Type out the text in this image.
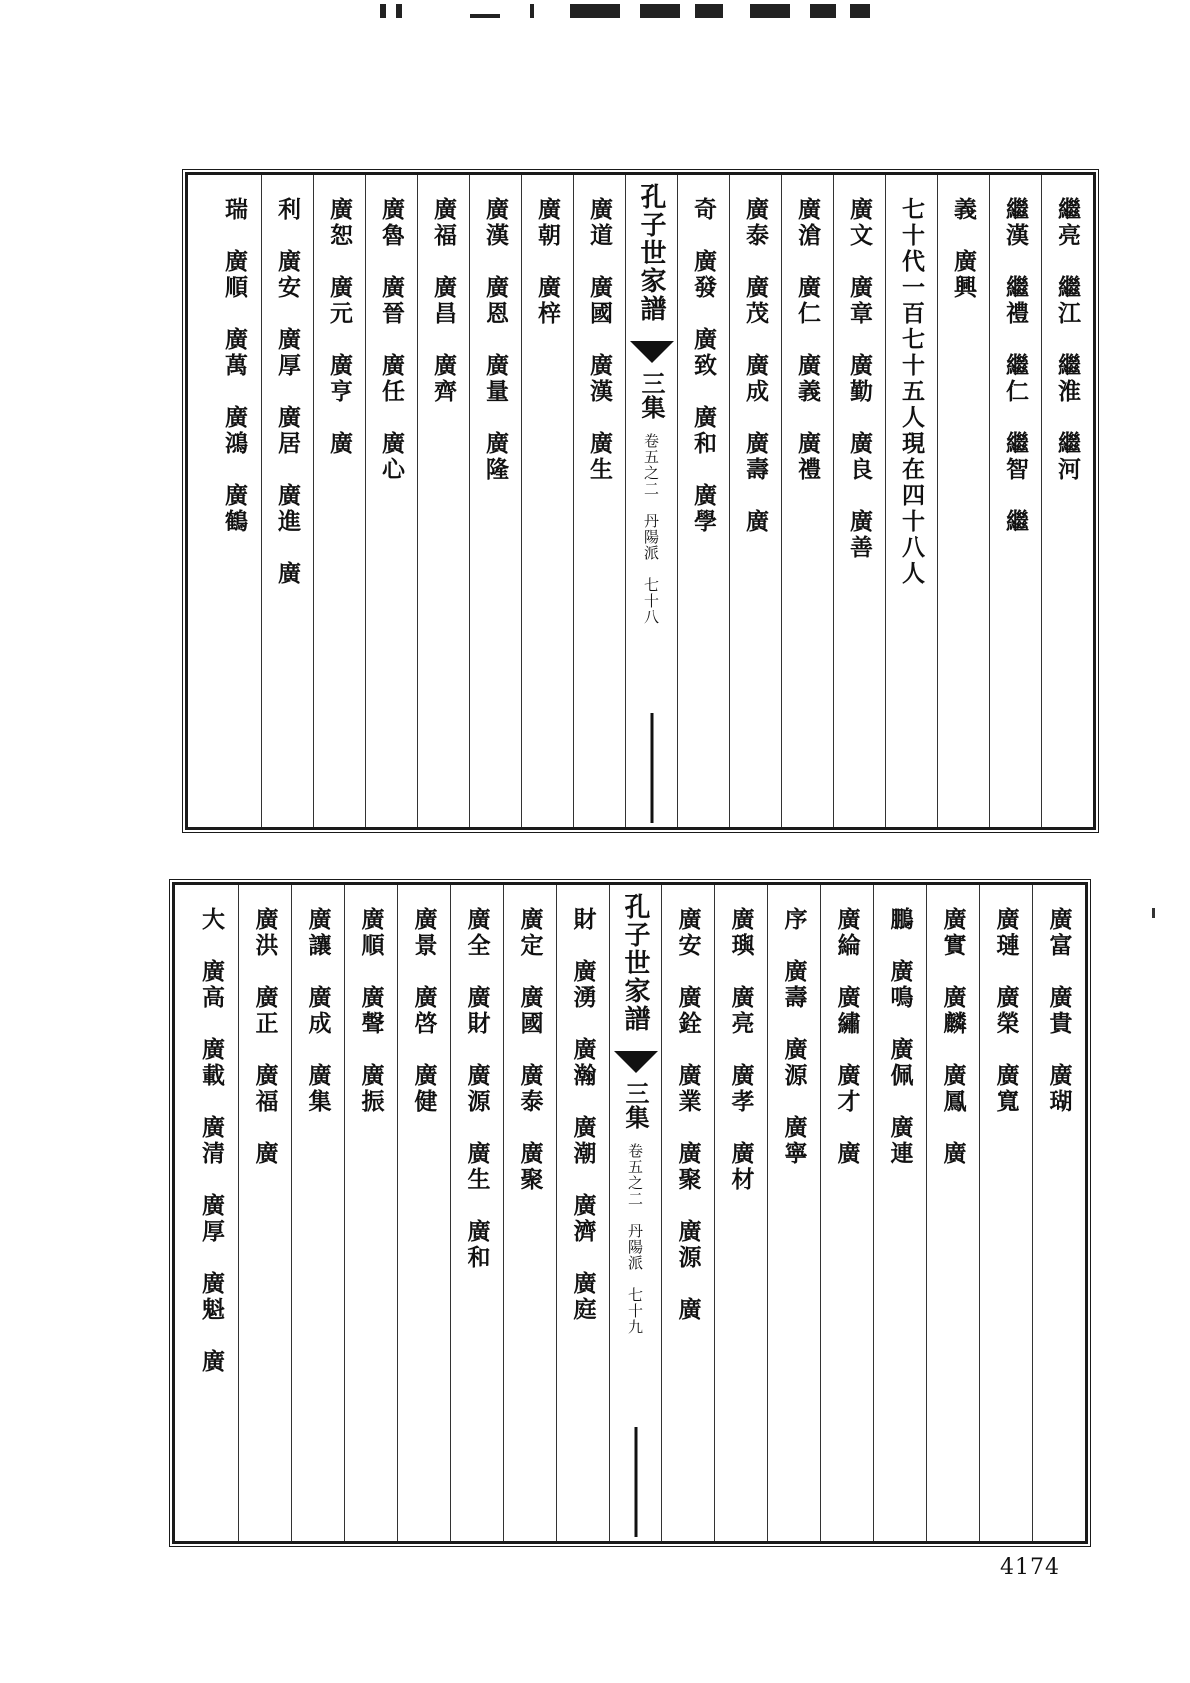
繼亮　繼江　繼淮　繼河
繼漢　繼禮　繼仁　繼智　繼
義　廣興
七十代一百七十五人現在四十八人
廣文　廣章　廣勤　廣良　廣善
廣滄　廣仁　廣義　廣禮
廣泰　廣茂　廣成　廣壽　廣
奇　廣發　廣致　廣和　廣學
孔子世家譜
三集
卷五之二　丹陽派　七十八
廣道　廣國　廣漢　廣生
廣朝　廣梓
廣漢　廣恩　廣量　廣隆
廣福　廣昌　廣齊
廣魯　廣晉　廣任　廣心
廣恕　廣元　廣亨　廣
利　廣安　廣厚　廣居　廣進　廣
瑞　廣順　廣萬　廣鴻　廣鶴
廣富　廣貴　廣瑚
廣璉　廣榮　廣寬
廣實　廣麟　廣鳳　廣
鵬　廣鳴　廣佩　廣連
廣綸　廣繡　廣才　廣
序　廣壽　廣源　廣寧
廣璵　廣亮　廣孝　廣材
廣安　廣銓　廣業　廣聚　廣源　廣
孔子世家譜
三集
卷五之二　丹陽派　七十九
財　廣湧　廣瀚　廣潮　廣濟　廣庭
廣定　廣國　廣泰　廣聚
廣全　廣財　廣源　廣生　廣和
廣景　廣啓　廣健
廣順　廣聲　廣振
廣讓　廣成　廣集
廣洪　廣正　廣福　廣
大　廣高　廣載　廣清　廣厚　廣魁　廣
4174
